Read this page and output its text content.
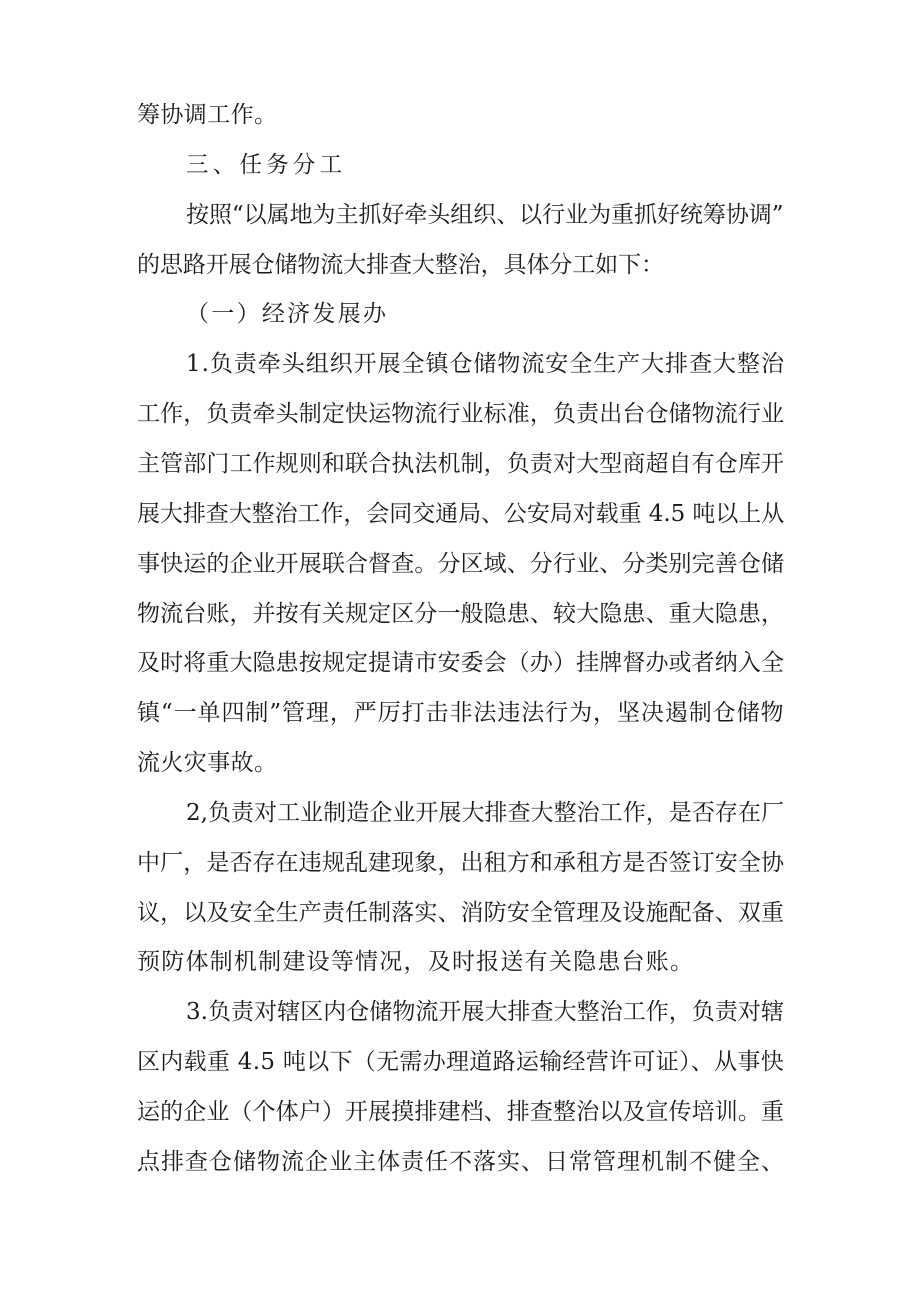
筹协调工作。
三、任务分工
按照“以属地为主抓好牵头组织、以行业为重抓好统筹协调”
的思路开展仓储物流大排查大整治，具体分工如下：
（一）经济发展办
1.负责牵头组织开展全镇仓储物流安全生产大排查大整治
工作，负责牵头制定快运物流行业标准，负责出台仓储物流行业
主管部门工作规则和联合执法机制，负责对大型商超自有仓库开
展大排查大整治工作，会同交通局、公安局对载重 4.5 吨以上从
事快运的企业开展联合督查。分区域、分行业、分类别完善仓储
物流台账，并按有关规定区分一般隐患、较大隐患、重大隐患，
及时将重大隐患按规定提请市安委会（办）挂牌督办或者纳入全
镇“一单四制”管理，严厉打击非法违法行为，坚决遏制仓储物
流火灾事故。
2,负责对工业制造企业开展大排查大整治工作，是否存在厂
中厂，是否存在违规乱建现象，出租方和承租方是否签订安全协
议，以及安全生产责任制落实、消防安全管理及设施配备、双重
预防体制机制建设等情况，及时报送有关隐患台账。
3.负责对辖区内仓储物流开展大排查大整治工作，负责对辖
区内载重 4.5 吨以下（无需办理道路运输经营许可证）、从事快
运的企业（个体户）开展摸排建档、排查整治以及宣传培训。重
点排查仓储物流企业主体责任不落实、日常管理机制不健全、
